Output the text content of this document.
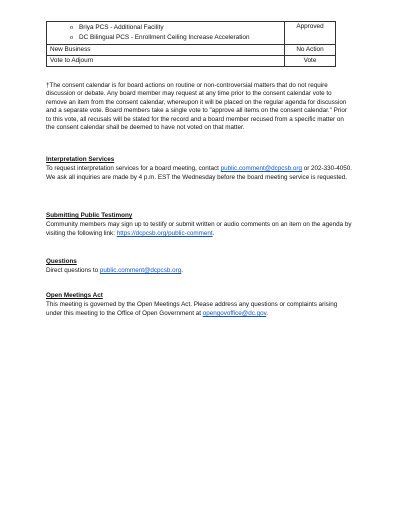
o Briya PCS - Additional Facility
o DC Bilingual PCS - Enrollment Ceiling Increase Acceleration	Approved
New Business	No Action
Vote to Adjourn	Vote

†The consent calendar is for board actions on routine or non-controversial matters that do not require discussion or debate. Any board member may request at any time prior to the consent calendar vote to remove an item from the consent calendar, whereupon it will be placed on the regular agenda for discussion and a separate vote. Board members take a single vote to "approve all items on the consent calendar." Prior to this vote, all recusals will be stated for the record and a board member recused from a specific matter on the consent calendar shall be deemed to have not voted on that matter.

Interpretation Services

To request interpretation services for a board meeting, contact public.comment@dcpcsb.org or 202-330-4050. We ask all inquiries are made by 4 p.m. EST the Wednesday before the board meeting service is requested.

Submitting Public Testimony

Community members may sign up to testify or submit written or audio comments on an item on the agenda by visiting the following link: https://dcpcsb.org/public-comment.

Questions

Direct questions to public.comment@dcpcsb.org.

Open Meetings Act

This meeting is governed by the Open Meetings Act. Please address any questions or complaints arising under this meeting to the Office of Open Government at opengovoffice@dc.gov.
